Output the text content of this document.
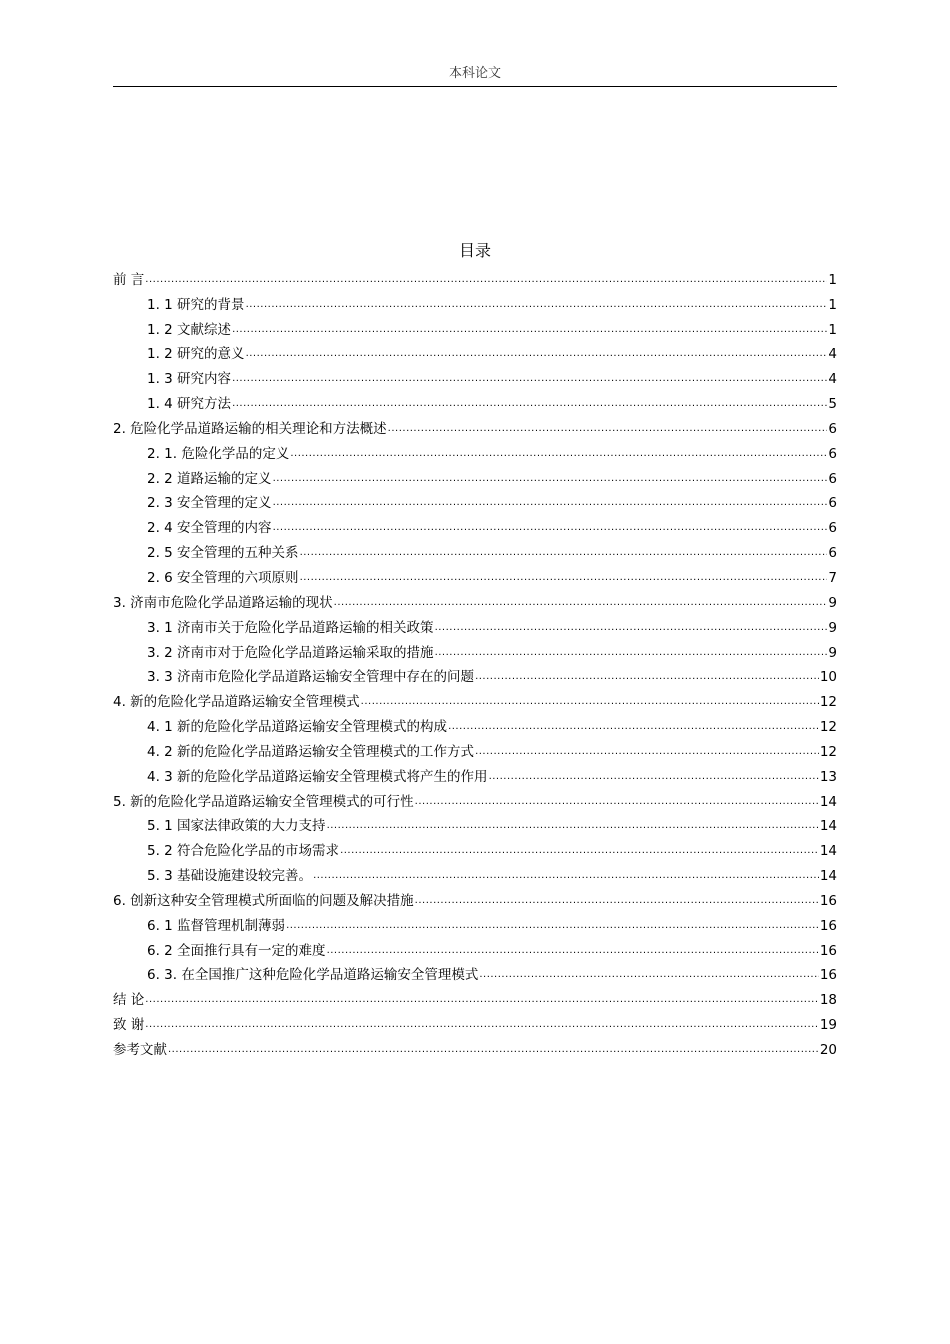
本科论文
目录
前 言 .....	1
1. 1 研究的背景 .....	1
1. 2 文献综述 .....	1
1. 2 研究的意义 .....	4
1. 3 研究内容 .....	4
1. 4 研究方法 .....	5
2. 危险化学品道路运输的相关理论和方法概述 .....	6
2. 1. 危险化学品的定义 .....	6
2. 2 道路运输的定义 .....	6
2. 3 安全管理的定义 .....	6
2. 4 安全管理的内容 .....	6
2. 5 安全管理的五种关系 .....	6
2. 6 安全管理的六项原则 .....	7
3. 济南市危险化学品道路运输的现状 .....	9
3. 1 济南市关于危险化学品道路运输的相关政策 .....	9
3. 2 济南市对于危险化学品道路运输采取的措施 .....	9
3. 3 济南市危险化学品道路运输安全管理中存在的问题 .....	10
4. 新的危险化学品道路运输安全管理模式 .....	12
4. 1 新的危险化学品道路运输安全管理模式的构成 .....	12
4. 2 新的危险化学品道路运输安全管理模式的工作方式 .....	12
4. 3 新的危险化学品道路运输安全管理模式将产生的作用 .....	13
5. 新的危险化学品道路运输安全管理模式的可行性 .....	14
5. 1 国家法律政策的大力支持 .....	14
5. 2 符合危险化学品的市场需求 .....	14
5. 3 基础设施建设较完善。 .....	14
6. 创新这种安全管理模式所面临的问题及解决措施 .....	16
6. 1 监督管理机制薄弱 .....	16
6. 2 全面推行具有一定的难度 .....	16
6. 3. 在全国推广这种危险化学品道路运输安全管理模式 .....	16
结 论 .....	18
致 谢 .....	19
参考文献 .....	20
